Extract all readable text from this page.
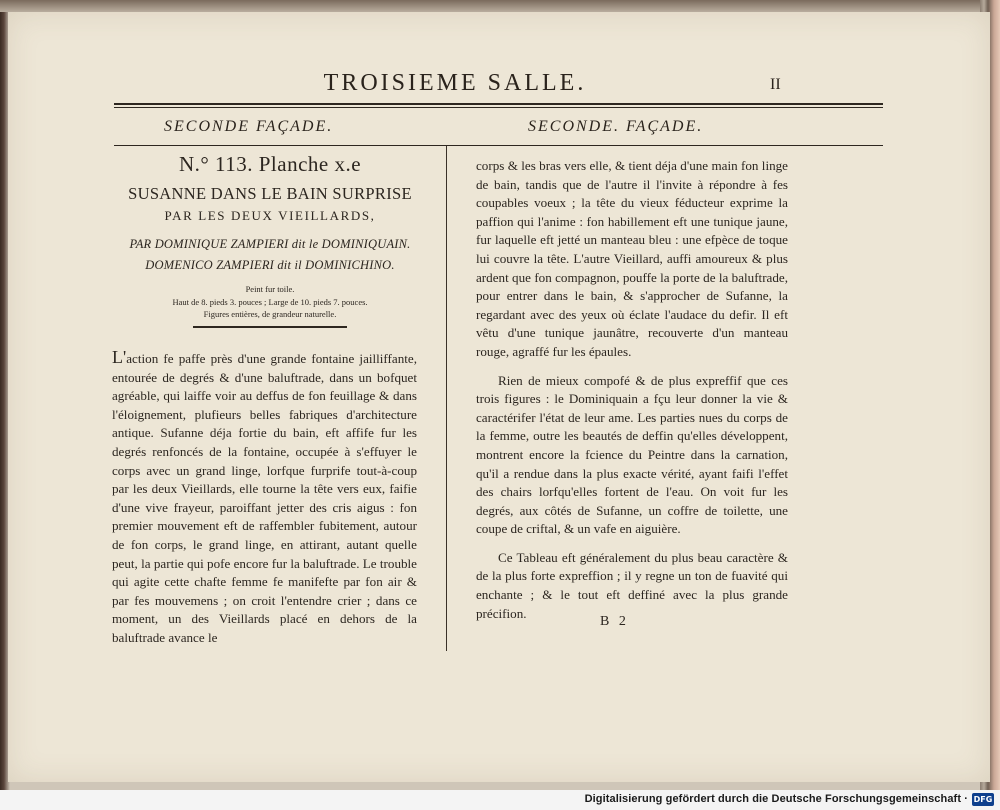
TROISIEME SALLE.	II
SECONDE FAÇADE.	SECONDE. FAÇADE.
N.° 113. Planche x.e
SUSANNE DANS LE BAIN SURPRISE
PAR LES DEUX VIEILLARDS,
PAR DOMINIQUE ZAMPIERI dit le DOMINIQUAIN.
DOMENICO ZAMPIERI dit il DOMINICHINO.
Peint fur toile.
Haut de 8. pieds 3. pouces ; Large de 10. pieds 7. pouces.
Figures entières, de grandeur naturelle.

L'action fe paffe près d'une grande fontaine jailliffante, entourée de degrés & d'une baluftrade, dans un bofquet agréable, qui laiffe voir au deffus de fon feuillage & dans l'éloignement, plufieurs belles fabriques d'architecture antique. Sufanne déja fortie du bain, eft affife fur les degrés renfoncés de la fontaine, occupée à s'effuyer le corps avec un grand linge, lorfque furprife tout-à-coup par les deux Vieillards, elle tourne la tête vers eux, faifie d'une vive frayeur, paroiffant jetter des cris aigus : fon premier mouvement eft de raffembler fubitement, autour de fon corps, le grand linge, en attirant, autant quelle peut, la partie qui pofe encore fur la baluftrade. Le trouble qui agite cette chafte femme fe manifefte par fon air & par fes mouvemens ; on croit l'entendre crier ; dans ce moment, un des Vieillards placé en dehors de la baluftrade avance le

corps & les bras vers elle, & tient déja d'une main fon linge de bain, tandis que de l'autre il l'invite à répondre à fes coupables voeux ; la tête du vieux féducteur exprime la paffion qui l'anime : fon habillement eft une tunique jaune, fur laquelle eft jetté un manteau bleu : une efpèce de toque lui couvre la tête. L'autre Vieillard, auffi amoureux & plus ardent que fon compagnon, pouffe la porte de la baluftrade, pour entrer dans le bain, & s'approcher de Sufanne, la regardant avec des yeux où éclate l'audace du defir. Il eft vêtu d'une tunique jaunâtre, recouverte d'un manteau rouge, agraffé fur les épaules.

Rien de mieux compofé & de plus expreffif que ces trois figures : le Dominiquain a fçu leur donner la vie & caractérifer l'état de leur ame. Les parties nues du corps de la femme, outre les beautés de deffin qu'elles développent, montrent encore la fcience du Peintre dans la carnation, qu'il a rendue dans la plus exacte vérité, ayant faifi l'effet des chairs lorfqu'elles fortent de l'eau. On voit fur les degrés, aux côtés de Sufanne, un coffre de toilette, une coupe de criftal, & un vafe en aiguière.

Ce Tableau eft généralement du plus beau caractère & de la plus forte expreffion ; il y regne un ton de fuavité qui enchante ; & le tout eft deffiné avec la plus grande précifion.

B 2
Digitalisierung gefördert durch die Deutsche Forschungsgemeinschaft · DFG
